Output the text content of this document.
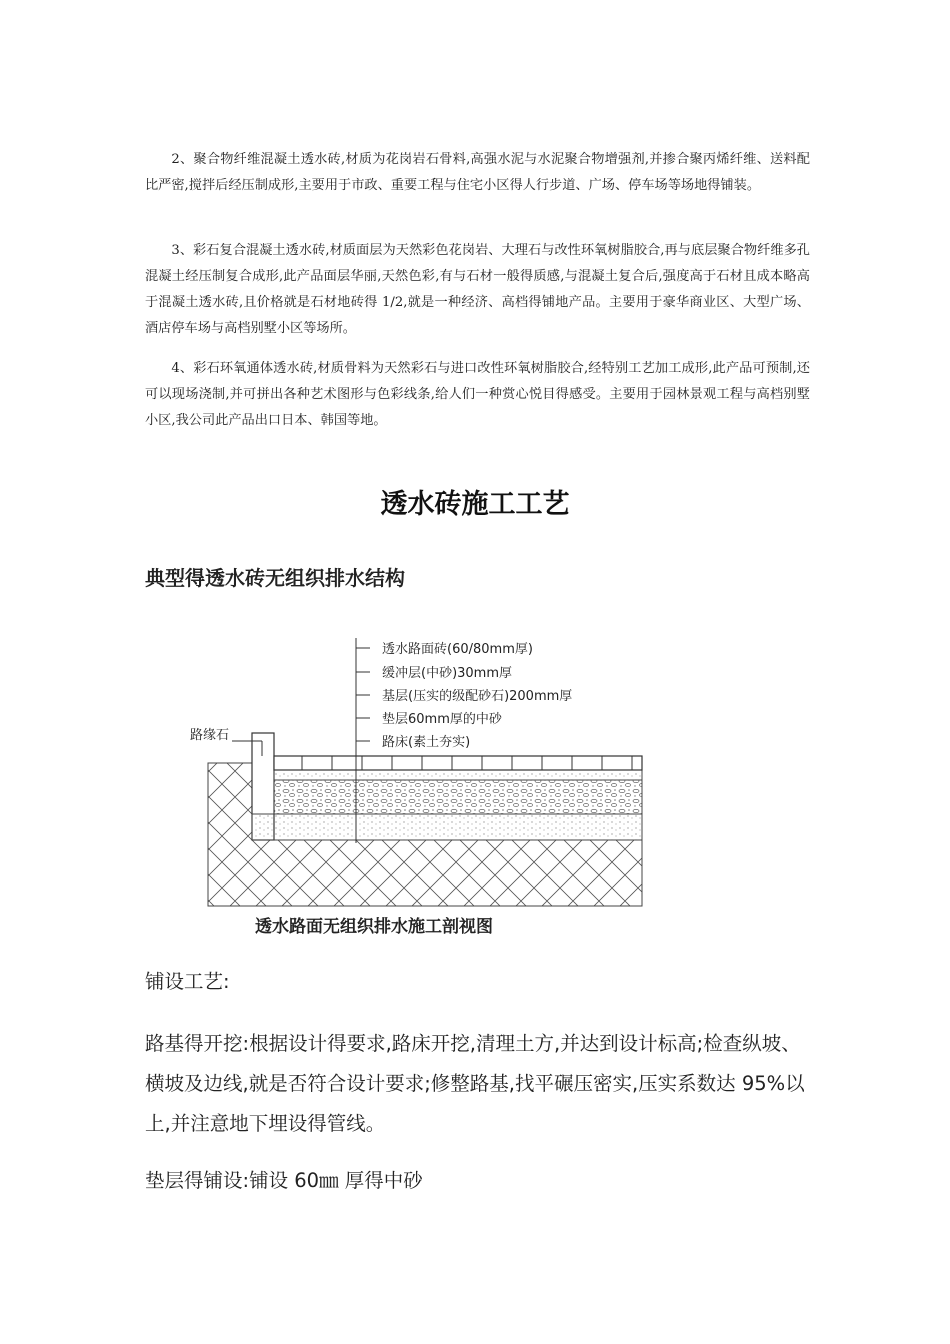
2、聚合物纤维混凝土透水砖,材质为花岗岩石骨料,高强水泥与水泥聚合物增强剂,并掺合聚丙烯纤维、送料配比严密,搅拌后经压制成形,主要用于市政、重要工程与住宅小区得人行步道、广场、停车场等场地得铺装。

3、彩石复合混凝土透水砖,材质面层为天然彩色花岗岩、大理石与改性环氧树脂胶合,再与底层聚合物纤维多孔混凝土经压制复合成形,此产品面层华丽,天然色彩,有与石材一般得质感,与混凝土复合后,强度高于石材且成本略高于混凝土透水砖,且价格就是石材地砖得 1/2,就是一种经济、高档得铺地产品。主要用于豪华商业区、大型广场、酒店停车场与高档别墅小区等场所。

4、彩石环氧通体透水砖,材质骨料为天然彩石与进口改性环氧树脂胶合,经特别工艺加工成形,此产品可预制,还可以现场浇制,并可拼出各种艺术图形与色彩线条,给人们一种赏心悦目得感受。主要用于园林景观工程与高档别墅小区,我公司此产品出口日本、韩国等地。

透水砖施工工艺
典型得透水砖无组织排水结构
透水路面砖(60/80mm厚)
缓冲层(中砂)30mm厚
基层(压实的级配砂石)200mm厚
垫层60mm厚的中砂
路床(素土夯实)
路缘石
透水路面无组织排水施工剖视图

铺设工艺:

路基得开挖:根据设计得要求,路床开挖,清理土方,并达到设计标高;检查纵坡、横坡及边线,就是否符合设计要求;修整路基,找平碾压密实,压实系数达 95%以上,并注意地下埋设得管线。

垫层得铺设:铺设 60㎜ 厚得中砂
